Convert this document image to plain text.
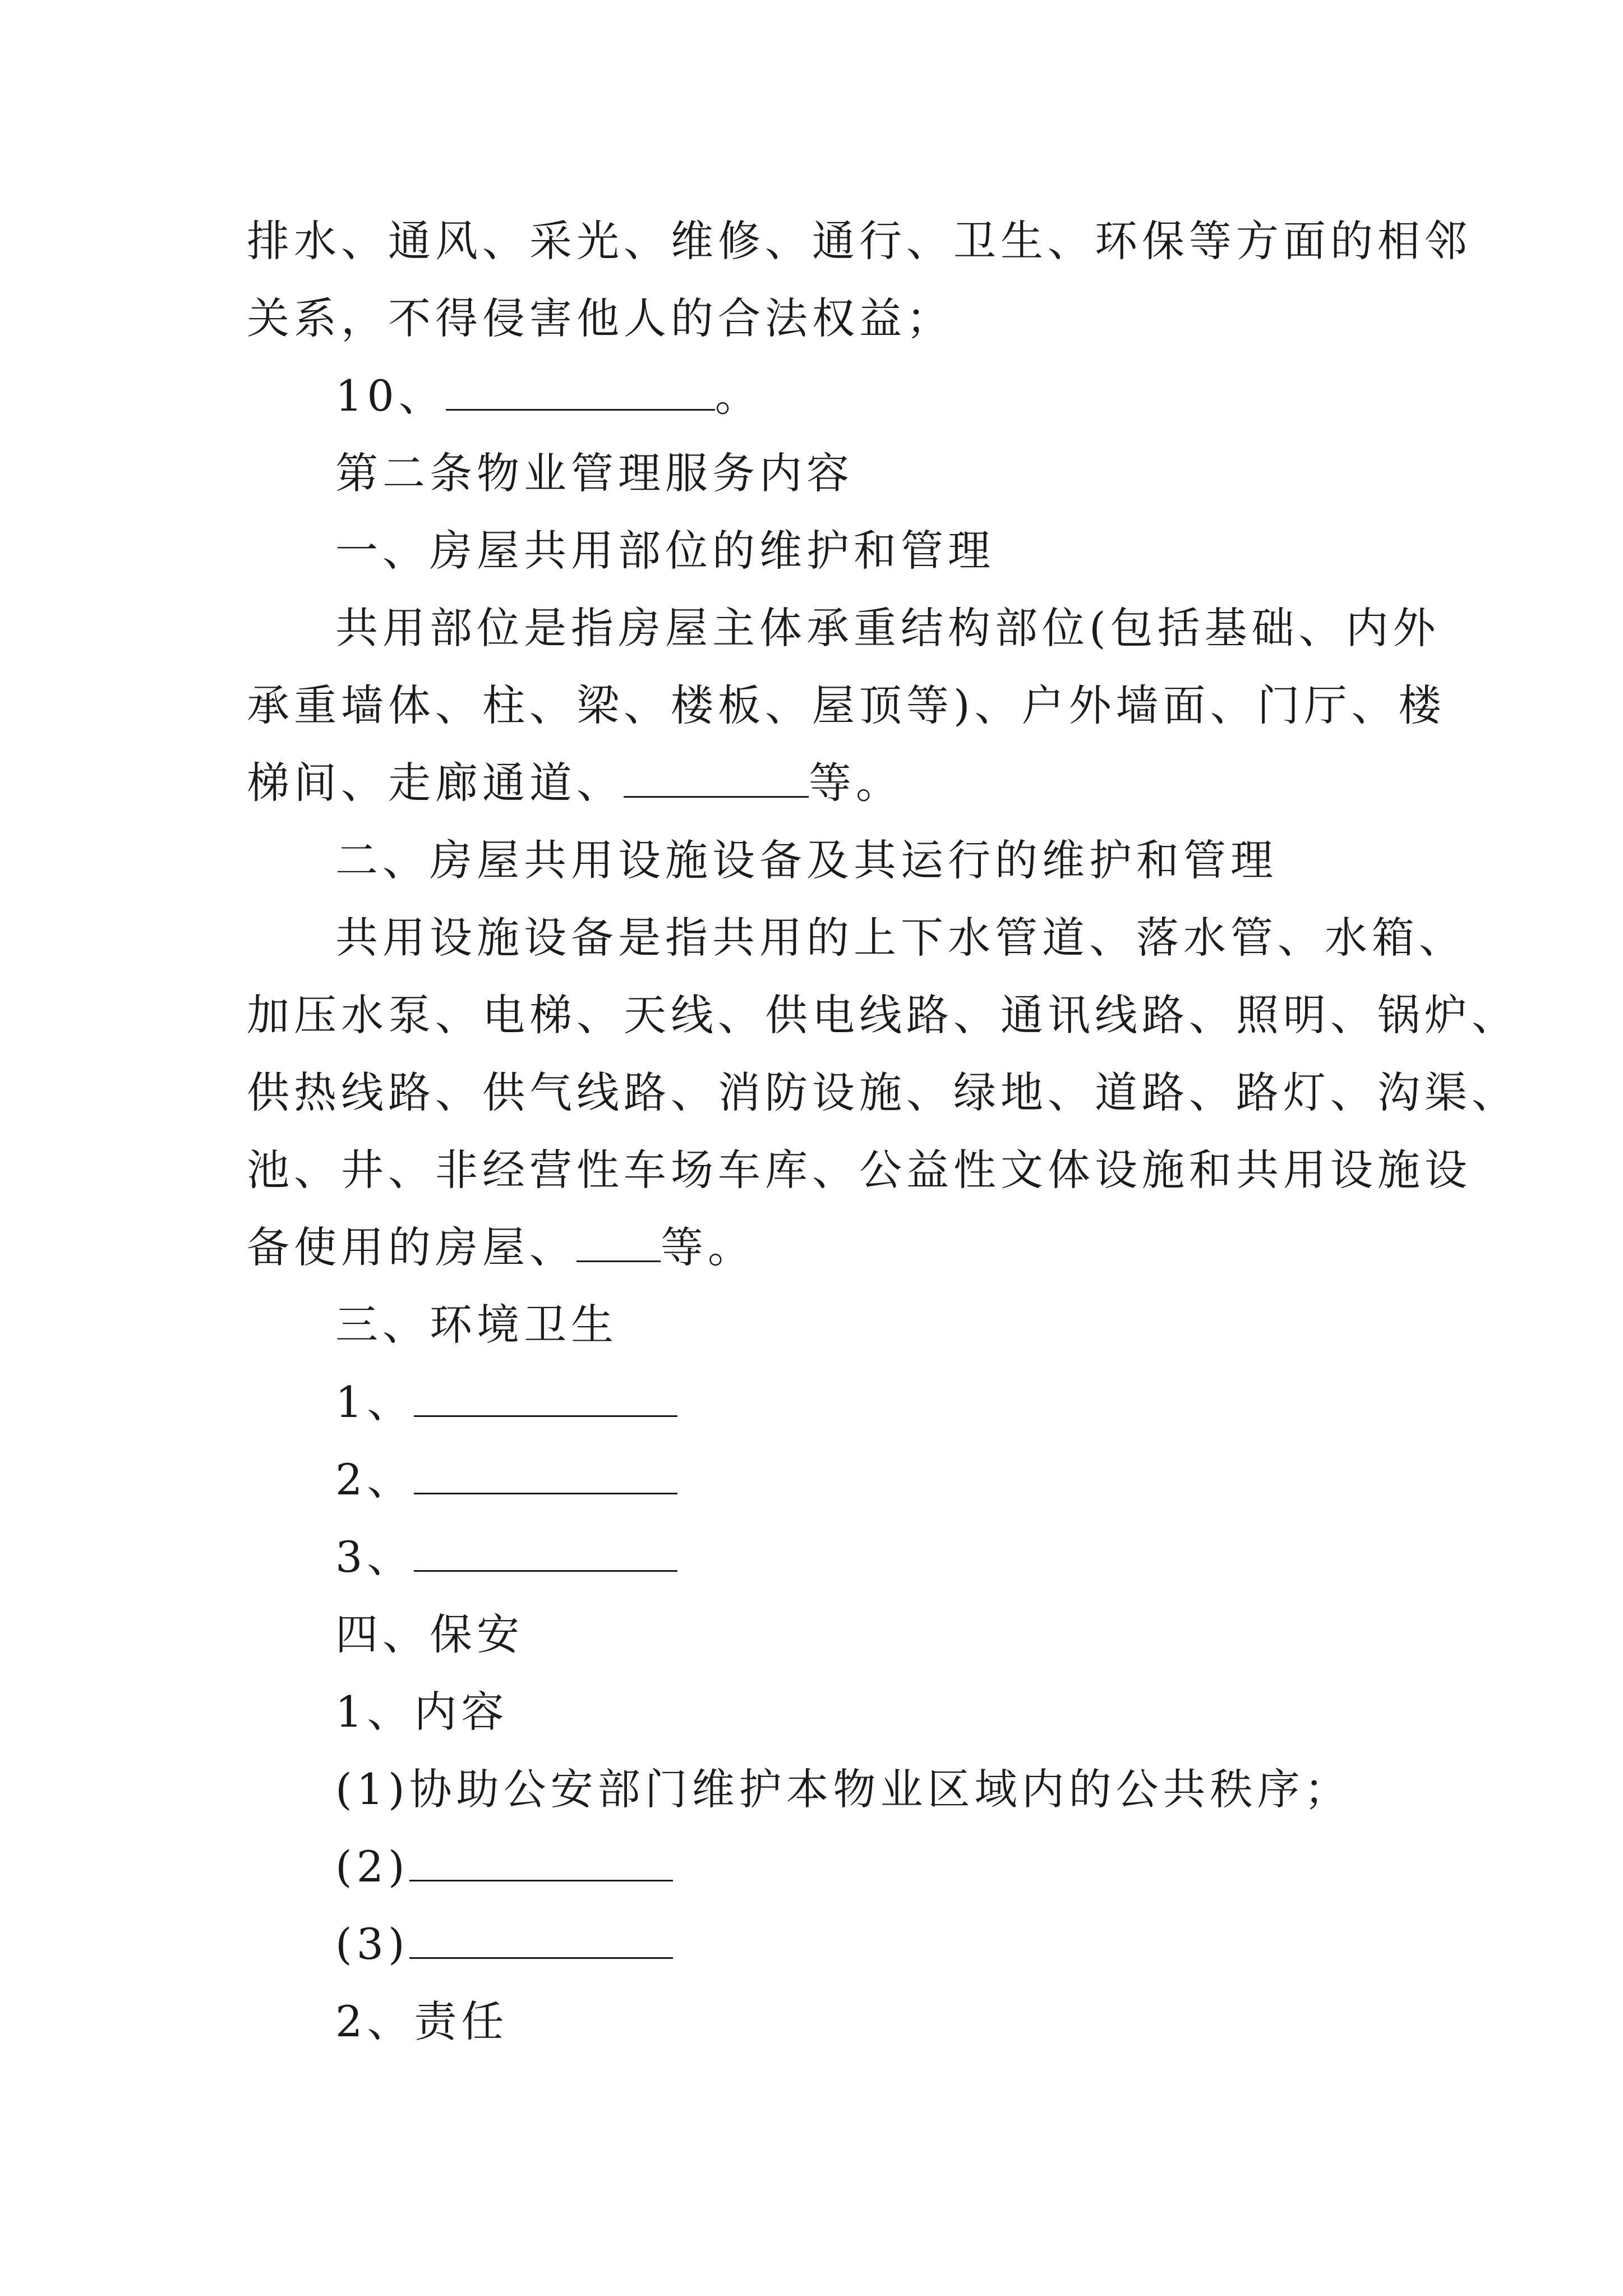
排水、通风、采光、维修、通行、卫生、环保等方面的相邻
关系，不得侵害他人的合法权益；
10、	。
第二条物业管理服务内容
一、房屋共用部位的维护和管理
共用部位是指房屋主体承重结构部位(包括基础、内外
承重墙体、柱、梁、楼板、屋顶等)、户外墙面、门厅、楼
梯间、走廊通道、	等。
二、房屋共用设施设备及其运行的维护和管理
共用设施设备是指共用的上下水管道、落水管、水箱、
加压水泵、电梯、天线、供电线路、通讯线路、照明、锅炉、
供热线路、供气线路、消防设施、绿地、道路、路灯、沟渠、
池、井、非经营性车场车库、公益性文体设施和共用设施设
备使用的房屋、 等。
三、环境卫生
1、
2、
3、
四、保安
1、内容
(1)协助公安部门维护本物业区域内的公共秩序；
(2)
(3)
2、责任
